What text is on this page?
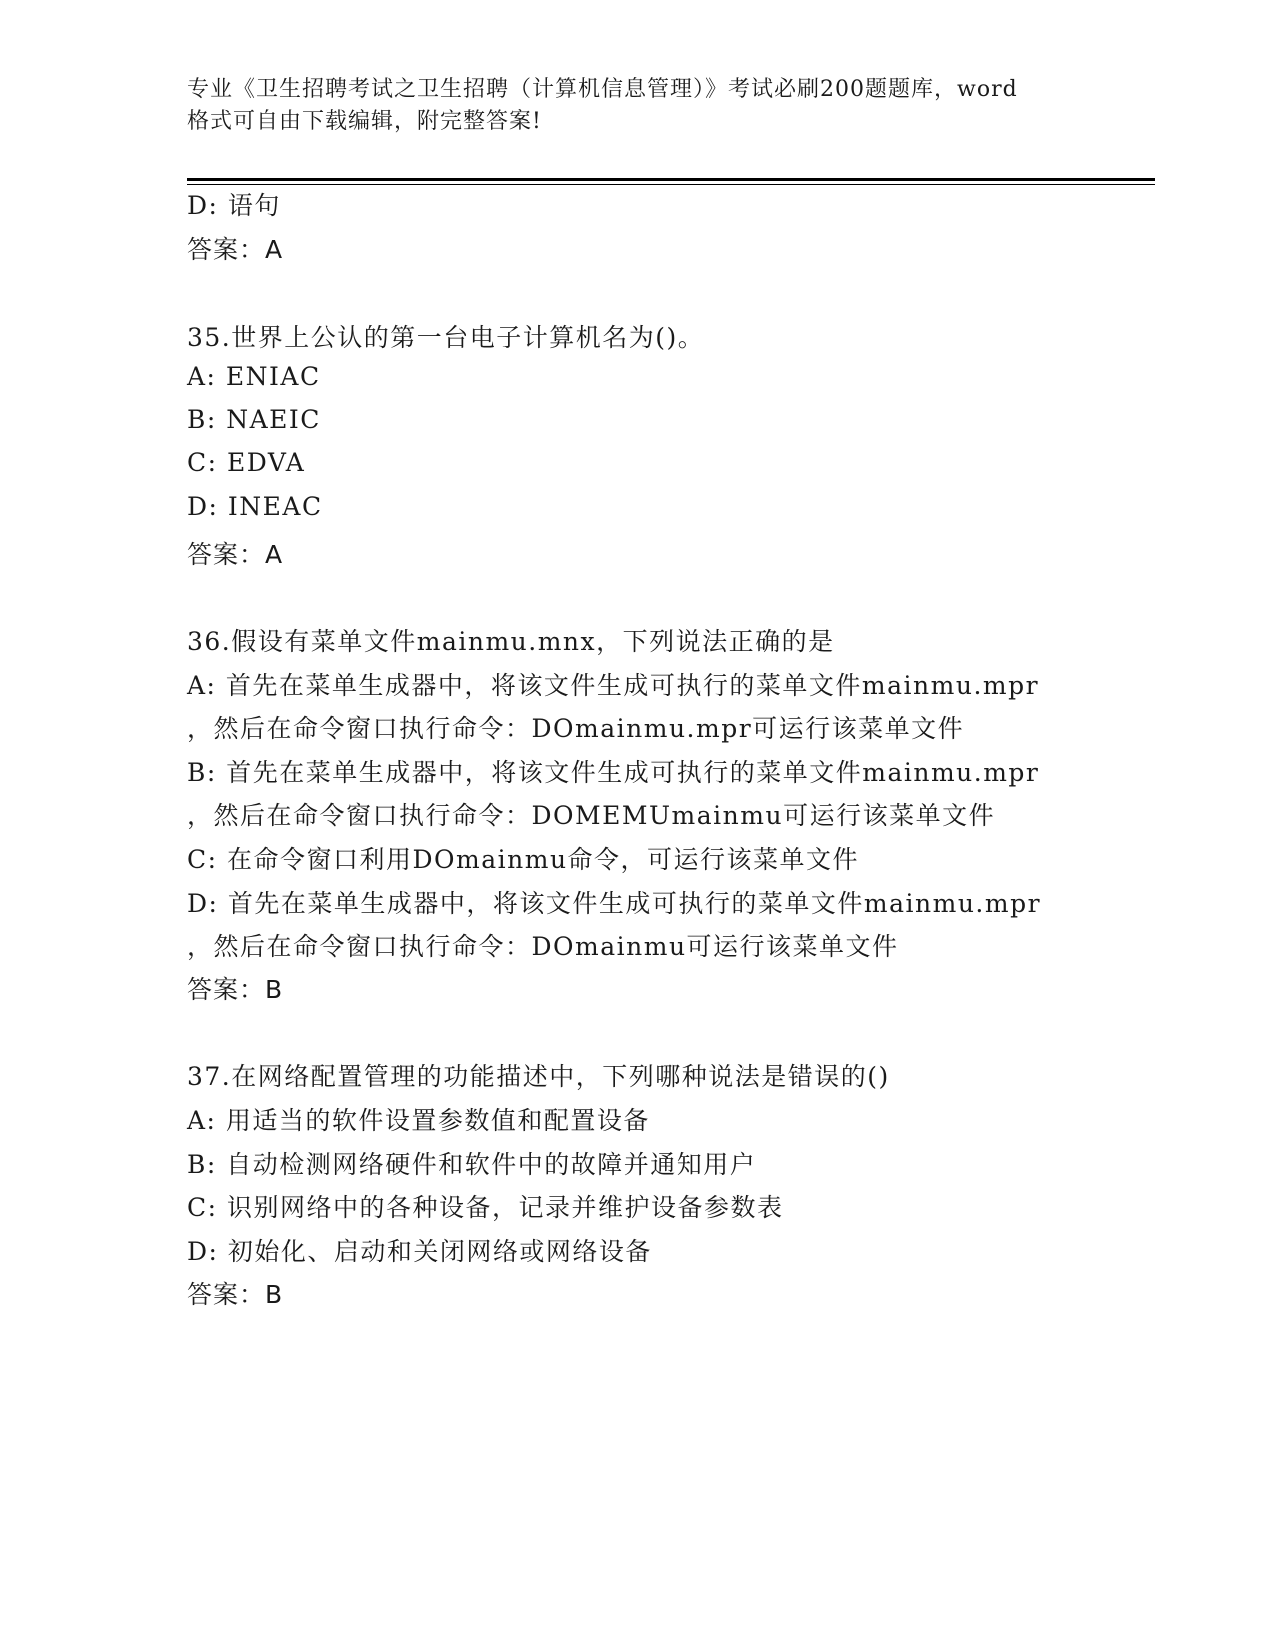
专业《卫生招聘考试之卫生招聘（计算机信息管理）》考试必刷200题题库，word
格式可自由下载编辑，附完整答案!
D: 语句
答案：A
35.世界上公认的第一台电子计算机名为()。
A: ENIAC
B: NAEIC
C: EDVA
D: INEAC
答案：A
36.假设有菜单文件mainmu.mnx，下列说法正确的是
A: 首先在菜单生成器中，将该文件生成可执行的菜单文件mainmu.mpr
，然后在命令窗口执行命令：DOmainmu.mpr可运行该菜单文件
B: 首先在菜单生成器中，将该文件生成可执行的菜单文件mainmu.mpr
，然后在命令窗口执行命令：DOMEMUmainmu可运行该菜单文件
C: 在命令窗口利用DOmainmu命令，可运行该菜单文件
D: 首先在菜单生成器中，将该文件生成可执行的菜单文件mainmu.mpr
，然后在命令窗口执行命令：DOmainmu可运行该菜单文件
答案：B
37.在网络配置管理的功能描述中，下列哪种说法是错误的()
A: 用适当的软件设置参数值和配置设备
B: 自动检测网络硬件和软件中的故障并通知用户
C: 识别网络中的各种设备，记录并维护设备参数表
D: 初始化、启动和关闭网络或网络设备
答案：B
